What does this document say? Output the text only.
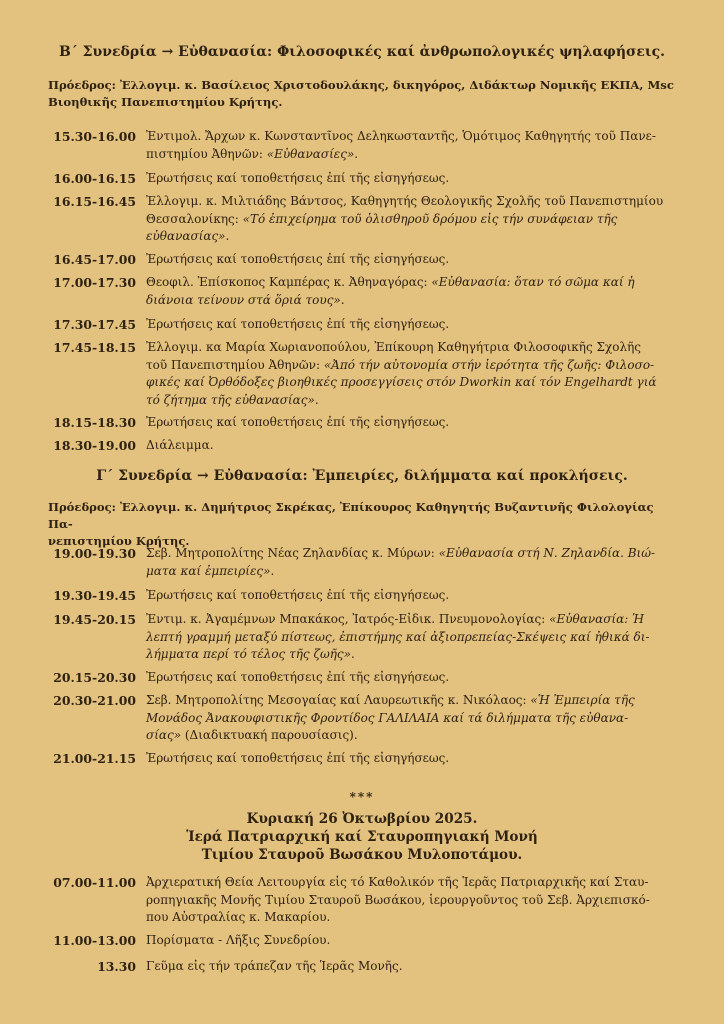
Β΄ Συνεδρία → Εὐθανασία: Φιλοσοφικές καί ἀνθρωπολογικές ψηλαφήσεις.
Πρόεδρος: Ἐλλογιμ. κ. Βασίλειος Χριστοδουλάκης, δικηγόρος, Διδάκτωρ Νομικῆς ΕΚΠΑ, Msc
Βιοηθικῆς Πανεπιστημίου Κρήτης.
15.30-16.00 Ἐντιμολ. Ἄρχων κ. Κωνσταντῖνος Δεληκωσταντῆς, Ὁμότιμος Καθηγητής τοῦ Πανε-
πιστημίου Ἀθηνῶν: «Εὐθανασίες».
16.00-16.15 Ἐρωτήσεις καί τοποθετήσεις ἐπί τῆς εἰσηγήσεως.
16.15-16.45 Ἐλλογιμ. κ. Μιλτιάδης Βάντσος, Καθηγητής Θεολογικῆς Σχολῆς τοῦ Πανεπιστημίου
Θεσσαλονίκης: «Τό ἐπιχείρημα τοῦ ὀλισθηροῦ δρόμου εἰς τήν συνάφειαν τῆς
εὐθανασίας».
16.45-17.00 Ἐρωτήσεις καί τοποθετήσεις ἐπί τῆς εἰσηγήσεως.
17.00-17.30 Θεοφιλ. Ἐπίσκοπος Καμπέρας κ. Ἀθηναγόρας: «Εὐθανασία: ὅταν τό σῶμα καί ἡ
διάνοια τείνουν στά ὅριά τους».
17.30-17.45 Ἐρωτήσεις καί τοποθετήσεις ἐπί τῆς εἰσηγήσεως.
17.45-18.15 Ἐλλογιμ. κα Μαρία Χωριανοπούλου, Ἐπίκουρη Καθηγήτρια Φιλοσοφικῆς Σχολῆς
τοῦ Πανεπιστημίου Ἀθηνῶν: «Ἀπό τήν αὐτονομία στήν ἱερότητα τῆς ζωῆς: Φιλοσο-
φικές καί Ὀρθόδοξες βιοηθικές προσεγγίσεις στόν Dworkin καί τόν Engelhardt γιά
τό ζήτημα τῆς εὐθανασίας».
18.15-18.30 Ἐρωτήσεις καί τοποθετήσεις ἐπί τῆς εἰσηγήσεως.
18.30-19.00 Διάλειμμα.
Γ΄ Συνεδρία → Εὐθανασία: Ἐμπειρίες, διλήμματα καί προκλήσεις.
Πρόεδρος: Ἐλλογιμ. κ. Δημήτριος Σκρέκας, Ἐπίκουρος Καθηγητής Βυζαντινῆς Φιλολογίας Πα-
νεπιστημίου Κρήτης.
19.00-19.30 Σεβ. Μητροπολίτης Νέας Ζηλανδίας κ. Μύρων: «Εὐθανασία στή Ν. Ζηλανδία. Βιώ-
ματα καί ἐμπειρίες».
19.30-19.45 Ἐρωτήσεις καί τοποθετήσεις ἐπί τῆς εἰσηγήσεως.
19.45-20.15 Ἐντιμ. κ. Ἀγαμέμνων Μπακάκος, Ἰατρός-Εἰδικ. Πνευμονολογίας: «Εὐθανασία: Ἡ
λεπτή γραμμή μεταξύ πίστεως, ἐπιστήμης καί ἀξιοπρεπείας-Σκέψεις καί ἠθικά δι-
λήμματα περί τό τέλος τῆς ζωῆς».
20.15-20.30 Ἐρωτήσεις καί τοποθετήσεις ἐπί τῆς εἰσηγήσεως.
20.30-21.00 Σεβ. Μητροπολίτης Μεσογαίας καί Λαυρεωτικῆς κ. Νικόλαος: «Ἡ Ἐμπειρία τῆς
Μονάδος Ἀνακουφιστικῆς Φροντίδος ΓΑΛΙΛΑΙΑ καί τά διλήμματα τῆς εὐθανα-
σίας» (Διαδικτυακή παρουσίασις).
21.00-21.15 Ἐρωτήσεις καί τοποθετήσεις ἐπί τῆς εἰσηγήσεως.
***
Κυριακή 26 Ὀκτωβρίου 2025.
Ἱερά Πατριαρχική καί Σταυροπηγιακή Μονή
Τιμίου Σταυροῦ Βωσάκου Μυλοποτάμου.
07.00-11.00 Ἀρχιερατική Θεία Λειτουργία εἰς τό Καθολικόν τῆς Ἱερᾶς Πατριαρχικῆς καί Σταυ-
ροπηγιακῆς Μονῆς Τιμίου Σταυροῦ Βωσάκου, ἱερουργοῦντος τοῦ Σεβ. Ἀρχιεπισκό-
που Αὐστραλίας κ. Μακαρίου.
11.00-13.00 Πορίσματα - Λῆξις Συνεδρίου.
13.30 Γεῦμα εἰς τήν τράπεζαν τῆς Ἱερᾶς Μονῆς.
